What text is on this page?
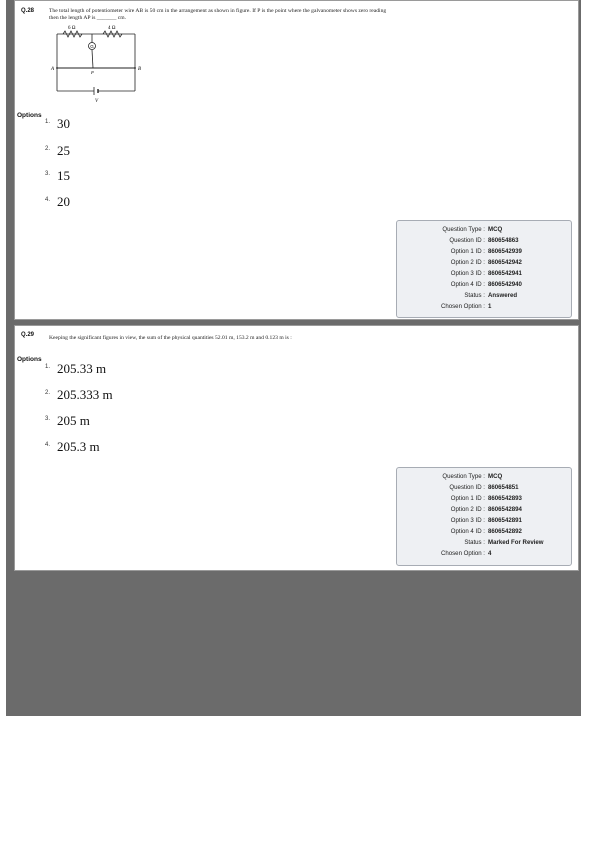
Q.28	The total length of potentiometer wire AB is 50 cm in the arrangement as shown in figure. If P is the point where the galvanometer shows zero reading then the length AP is _______ cm.
6 Ω	4 Ω
G
A	B
P
V
Options
$^{1.}$ 30
$^{2.}$ 25
$^{3.}$ 15
$^{4.}$ 20
Question Type : MCQ
Question ID : 860654863
Option 1 ID : 8606542939
Option 2 ID : 8606542942
Option 3 ID : 8606542941
Option 4 ID : 8606542940
Status : Answered
Chosen Option : 1
Q.29	Keeping the significant figures in view, the sum of the physical quantities 52.01 m, 153.2 m and 0.123 m is :
Options
$^{1.}$ 205.33 m
$^{2.}$ 205.333 m
$^{3.}$ 205 m
$^{4.}$ 205.3 m
Question Type : MCQ
Question ID : 860654851
Option 1 ID : 8606542893
Option 2 ID : 8606542894
Option 3 ID : 8606542891
Option 4 ID : 8606542892
Status : Marked For Review
Chosen Option : 4
